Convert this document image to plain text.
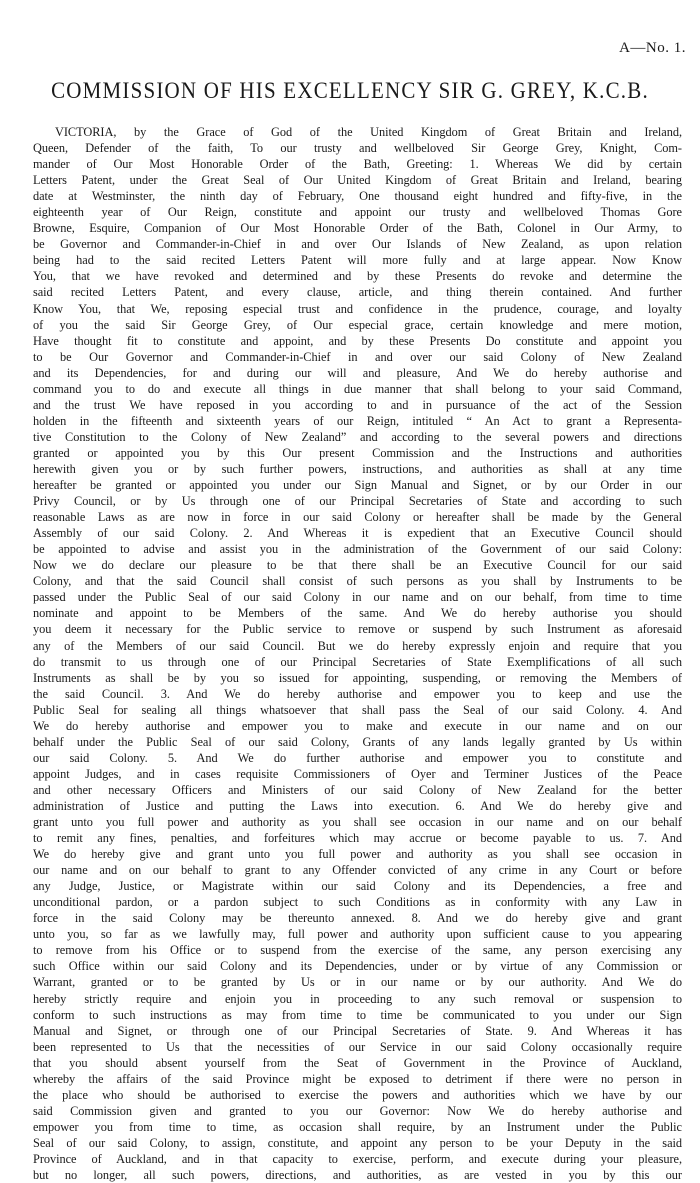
A—No. 1.
COMMISSION OF HIS EXCELLENCY SIR G. GREY, K.C.B.
VICTORIA, by the Grace of God of the United Kingdom of Great Britain and Ireland,
Queen, Defender of the faith, To our trusty and wellbeloved Sir George Grey, Knight, Com-
mander of Our Most Honorable Order of the Bath, Greeting: 1. Whereas We did by certain
Letters Patent, under the Great Seal of Our United Kingdom of Great Britain and Ireland, bearing
date at Westminster, the ninth day of February, One thousand eight hundred and fifty-five, in the
eighteenth year of Our Reign, constitute and appoint our trusty and wellbeloved Thomas Gore
Browne, Esquire, Companion of Our Most Honorable Order of the Bath, Colonel in Our Army, to
be Governor and Commander-in-Chief in and over Our Islands of New Zealand, as upon relation
being had to the said recited Letters Patent will more fully and at large appear. Now Know
You, that we have revoked and determined and by these Presents do revoke and determine the
said recited Letters Patent, and every clause, article, and thing therein contained. And further
Know You, that We, reposing especial trust and confidence in the prudence, courage, and loyalty
of you the said Sir George Grey, of Our especial grace, certain knowledge and mere motion,
Have thought fit to constitute and appoint, and by these Presents Do constitute and appoint you
to be Our Governor and Commander-in-Chief in and over our said Colony of New Zealand
and its Dependencies, for and during our will and pleasure, And We do hereby authorise and
command you to do and execute all things in due manner that shall belong to your said Command,
and the trust We have reposed in you according to and in pursuance of the act of the Session
holden in the fifteenth and sixteenth years of our Reign, intituled “ An Act to grant a Representa-
tive Constitution to the Colony of New Zealand” and according to the several powers and directions
granted or appointed you by this Our present Commission and the Instructions and authorities
herewith given you or by such further powers, instructions, and authorities as shall at any time
hereafter be granted or appointed you under our Sign Manual and Signet, or by our Order in our
Privy Council, or by Us through one of our Principal Secretaries of State and according to such
reasonable Laws as are now in force in our said Colony or hereafter shall be made by the General
Assembly of our said Colony. 2. And Whereas it is expedient that an Executive Council should
be appointed to advise and assist you in the administration of the Government of our said Colony:
Now we do declare our pleasure to be that there shall be an Executive Council for our said
Colony, and that the said Council shall consist of such persons as you shall by Instruments to be
passed under the Public Seal of our said Colony in our name and on our behalf, from time to time
nominate and appoint to be Members of the same. And We do hereby authorise you should
you deem it necessary for the Public service to remove or suspend by such Instrument as aforesaid
any of the Members of our said Council. But we do hereby expressly enjoin and require that you
do transmit to us through one of our Principal Secretaries of State Exemplifications of all such
Instruments as shall be by you so issued for appointing, suspending, or removing the Members of
the said Council. 3. And We do hereby authorise and empower you to keep and use the
Public Seal for sealing all things whatsoever that shall pass the Seal of our said Colony. 4. And
We do hereby authorise and empower you to make and execute in our name and on our
behalf under the Public Seal of our said Colony, Grants of any lands legally granted by Us within
our said Colony. 5. And We do further authorise and empower you to constitute and
appoint Judges, and in cases requisite Commissioners of Oyer and Terminer Justices of the Peace
and other necessary Officers and Ministers of our said Colony of New Zealand for the better
administration of Justice and putting the Laws into execution. 6. And We do hereby give and
grant unto you full power and authority as you shall see occasion in our name and on our behalf
to remit any fines, penalties, and forfeitures which may accrue or become payable to us. 7. And
We do hereby give and grant unto you full power and authority as you shall see occasion in
our name and on our behalf to grant to any Offender convicted of any crime in any Court or before
any Judge, Justice, or Magistrate within our said Colony and its Dependencies, a free and
unconditional pardon, or a pardon subject to such Conditions as in conformity with any Law in
force in the said Colony may be thereunto annexed. 8. And we do hereby give and grant
unto you, so far as we lawfully may, full power and authority upon sufficient cause to you appearing
to remove from his Office or to suspend from the exercise of the same, any person exercising any
such Office within our said Colony and its Dependencies, under or by virtue of any Commission or
Warrant, granted or to be granted by Us or in our name or by our authority. And We do
hereby strictly require and enjoin you in proceeding to any such removal or suspension to
conform to such instructions as may from time to time be communicated to you under our Sign
Manual and Signet, or through one of our Principal Secretaries of State. 9. And Whereas it has
been represented to Us that the necessities of our Service in our said Colony occasionally require
that you should absent yourself from the Seat of Government in the Province of Auckland,
whereby the affairs of the said Province might be exposed to detriment if there were no person in
the place who should be authorised to exercise the powers and authorities which we have by our
said Commission given and granted to you our Governor: Now We do hereby authorise and
empower you from time to time, as occasion shall require, by an Instrument under the Public
Seal of our said Colony, to assign, constitute, and appoint any person to be your Deputy in the said
Province of Auckland, and in that capacity to exercise, perform, and execute during your pleasure,
but no longer, all such powers, directions, and authorities, as are vested in you by this our
